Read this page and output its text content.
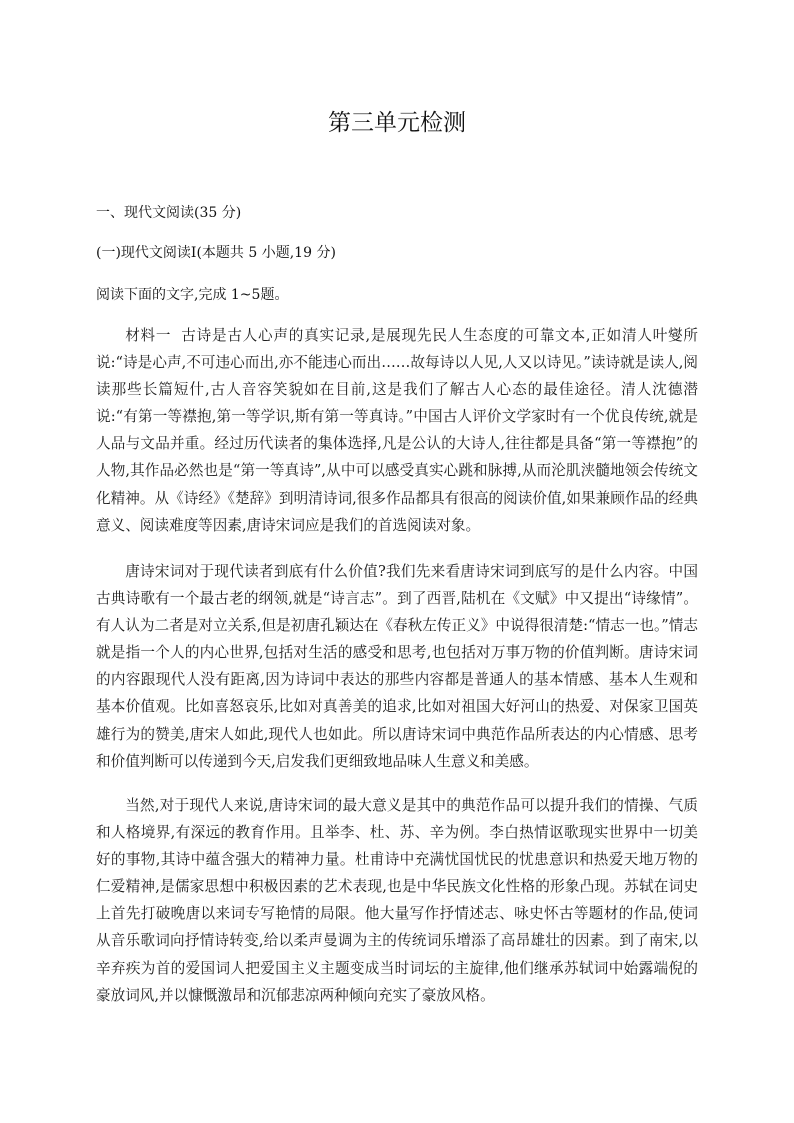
第三单元检测
一、现代文阅读(35 分)
(一)现代文阅读Ⅰ(本题共 5 小题,19 分)
阅读下面的文字,完成 1~5题。

材料一 古诗是古人心声的真实记录,是展现先民人生态度的可靠文本,正如清人叶燮所说:“诗是心声,不可违心而出,亦不能违心而出……故每诗以人见,人又以诗见。”读诗就是读人,阅读那些长篇短什,古人音容笑貌如在目前,这是我们了解古人心态的最佳途径。清人沈德潜说:“有第一等襟抱,第一等学识,斯有第一等真诗。”中国古人评价文学家时有一个优良传统,就是人品与文品并重。经过历代读者的集体选择,凡是公认的大诗人,往往都是具备“第一等襟抱”的人物,其作品必然也是“第一等真诗”,从中可以感受真实心跳和脉搏,从而沦肌浃髓地领会传统文化精神。从《诗经》《楚辞》到明清诗词,很多作品都具有很高的阅读价值,如果兼顾作品的经典意义、阅读难度等因素,唐诗宋词应是我们的首选阅读对象。

唐诗宋词对于现代读者到底有什么价值?我们先来看唐诗宋词到底写的是什么内容。中国古典诗歌有一个最古老的纲领,就是“诗言志”。到了西晋,陆机在《文赋》中又提出“诗缘情”。有人认为二者是对立关系,但是初唐孔颖达在《春秋左传正义》中说得很清楚:“情志一也。”情志就是指一个人的内心世界,包括对生活的感受和思考,也包括对万事万物的价值判断。唐诗宋词的内容跟现代人没有距离,因为诗词中表达的那些内容都是普通人的基本情感、基本人生观和基本价值观。比如喜怒哀乐,比如对真善美的追求,比如对祖国大好河山的热爱、对保家卫国英雄行为的赞美,唐宋人如此,现代人也如此。所以唐诗宋词中典范作品所表达的内心情感、思考和价值判断可以传递到今天,启发我们更细致地品味人生意义和美感。

当然,对于现代人来说,唐诗宋词的最大意义是其中的典范作品可以提升我们的情操、气质和人格境界,有深远的教育作用。且举李、杜、苏、辛为例。李白热情讴歌现实世界中一切美好的事物,其诗中蕴含强大的精神力量。杜甫诗中充满忧国忧民的忧患意识和热爱天地万物的仁爱精神,是儒家思想中积极因素的艺术表现,也是中华民族文化性格的形象凸现。苏轼在词史上首先打破晚唐以来词专写艳情的局限。他大量写作抒情述志、咏史怀古等题材的作品,使词从音乐歌词向抒情诗转变,给以柔声曼调为主的传统词乐增添了高昂雄壮的因素。到了南宋,以辛弃疾为首的爱国词人把爱国主义主题变成当时词坛的主旋律,他们继承苏轼词中始露端倪的豪放词风,并以慷慨激昂和沉郁悲凉两种倾向充实了豪放风格。
